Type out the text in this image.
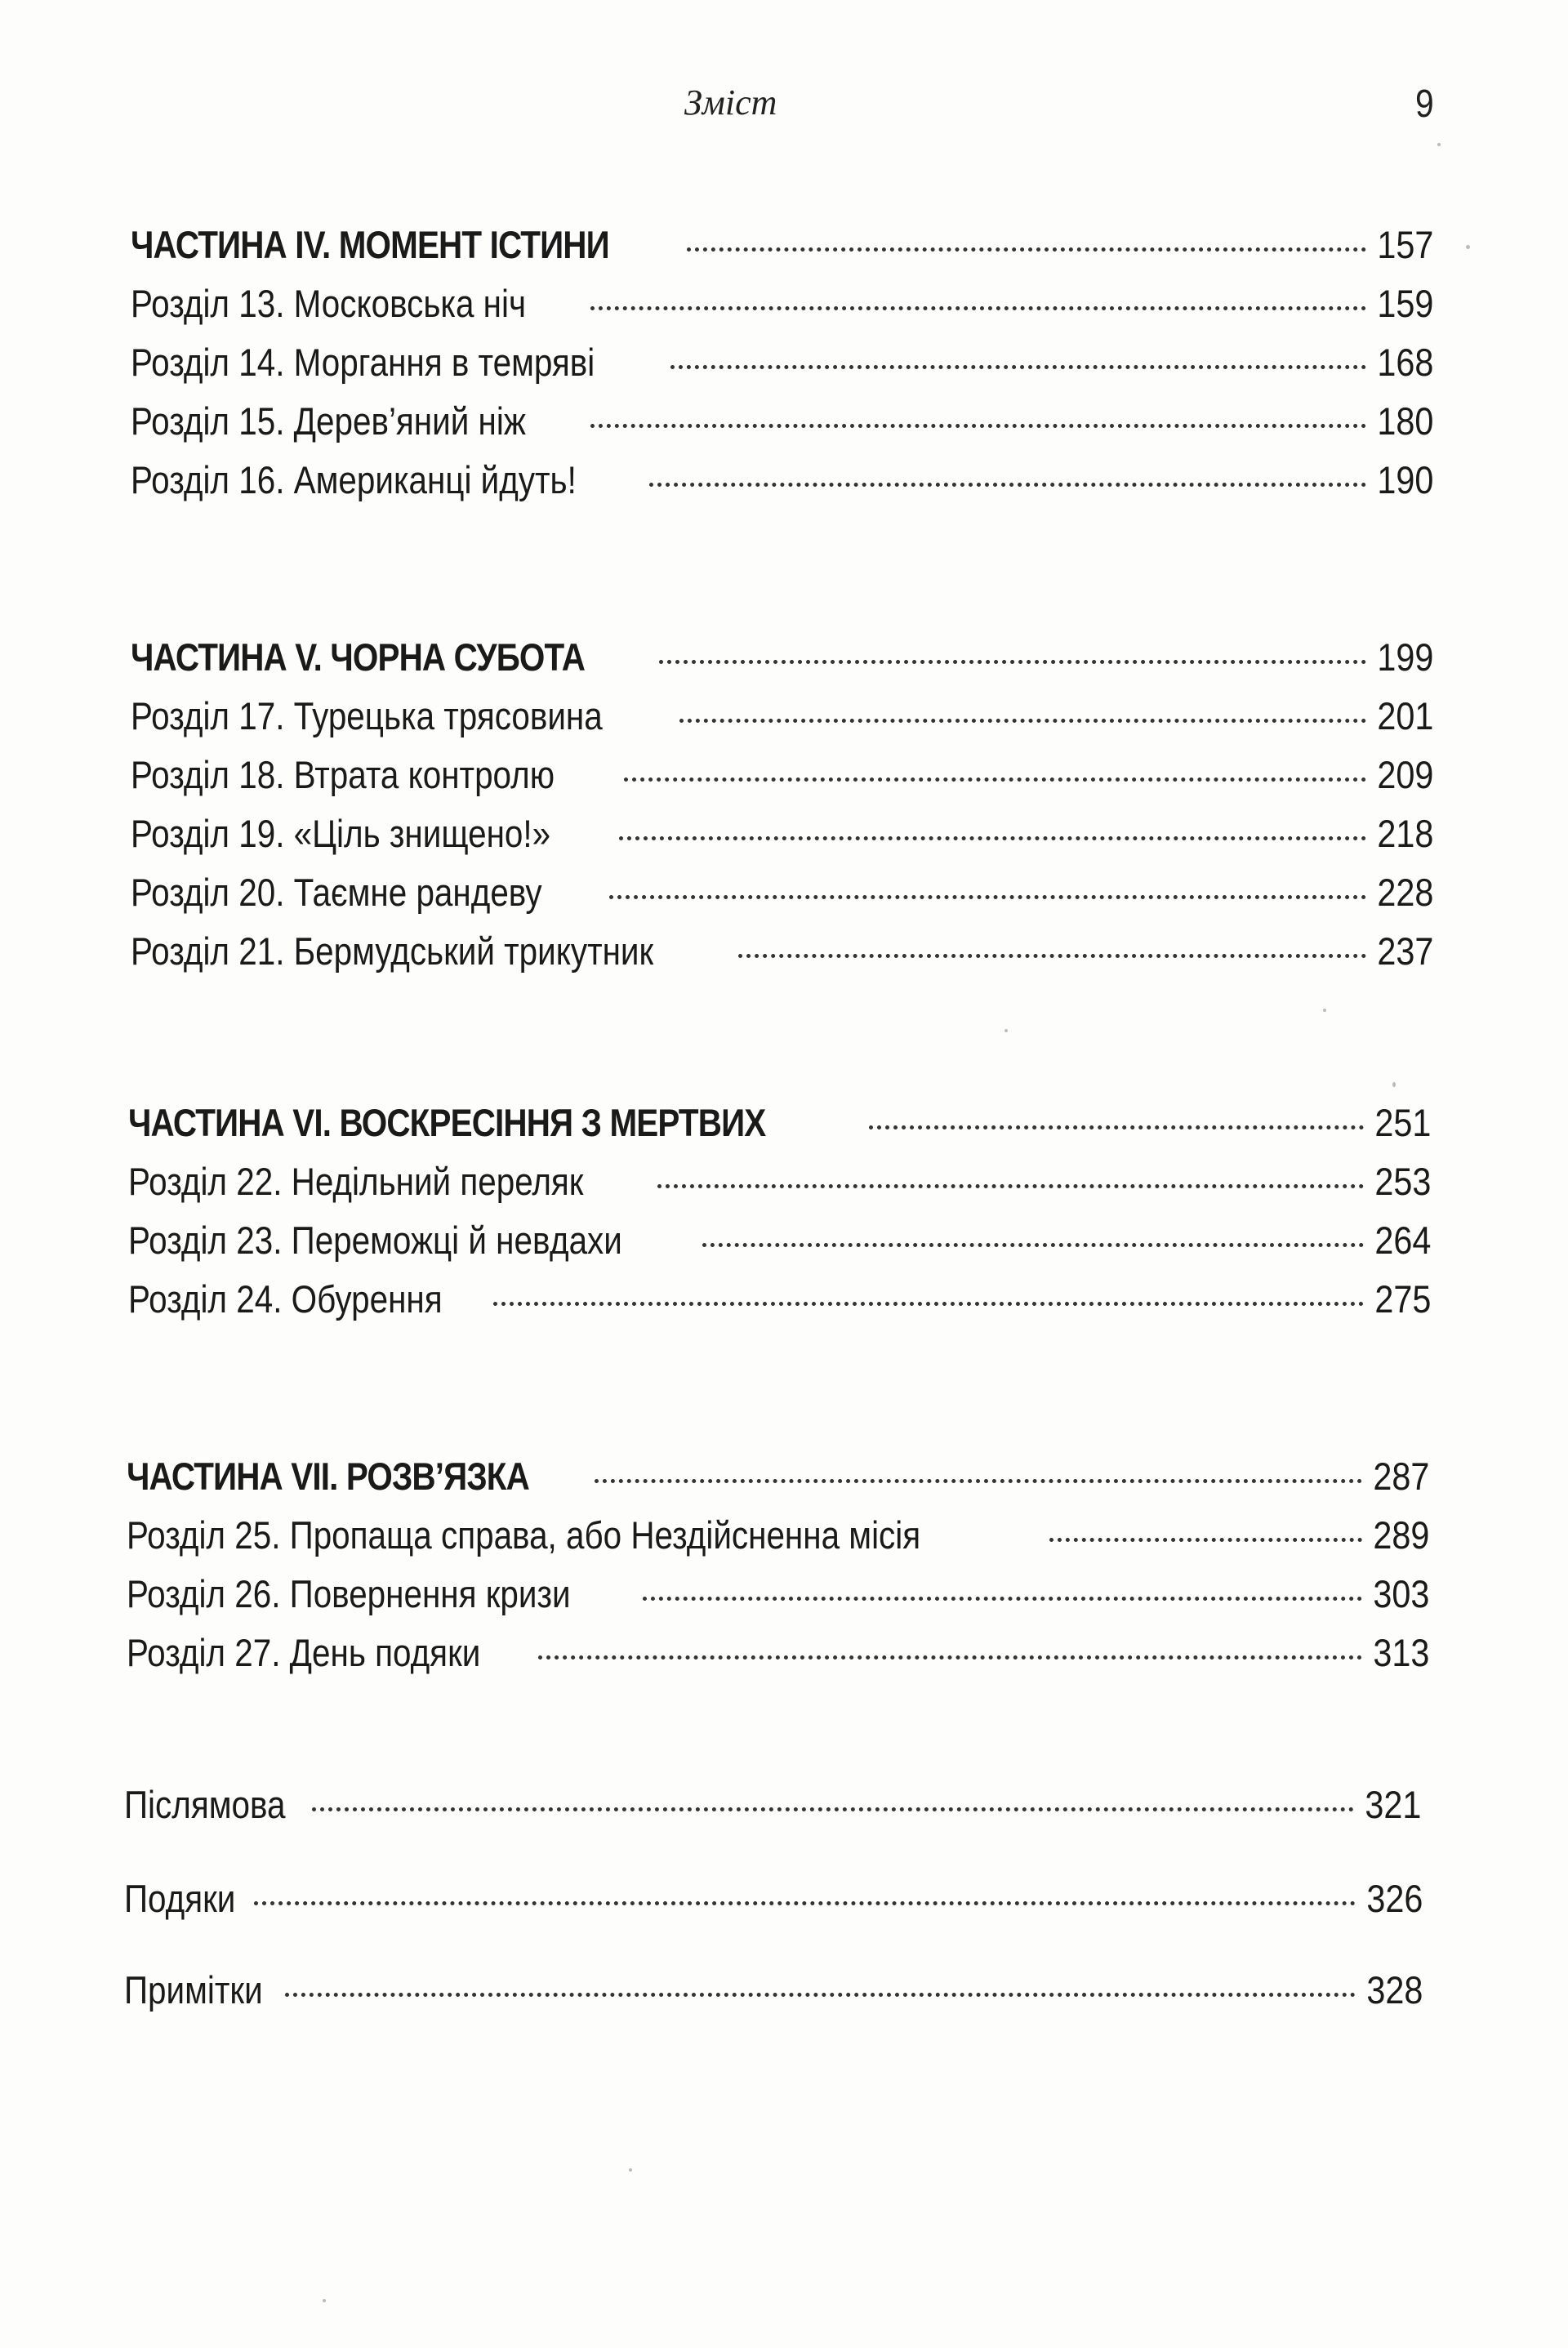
Зміст	9
ЧАСТИНА IV. МОМЕНТ ІСТИНИ	157
Розділ 13. Московська ніч	159
Розділ 14. Моргання в темряві	168
Розділ 15. Дерев’яний ніж	180
Розділ 16. Американці йдуть!	190
ЧАСТИНА V. ЧОРНА СУБОТА	199
Розділ 17. Турецька трясовина	201
Розділ 18. Втрата контролю	209
Розділ 19. «Ціль знищено!»	218
Розділ 20. Таємне рандеву	228
Розділ 21. Бермудський трикутник	237
ЧАСТИНА VI. ВОСКРЕСІННЯ З МЕРТВИХ	251
Розділ 22. Недільний переляк	253
Розділ 23. Переможці й невдахи	264
Розділ 24. Обурення	275
ЧАСТИНА VII. РОЗВ’ЯЗКА	287
Розділ 25. Пропаща справа, або Нездійсненна місія	289
Розділ 26. Повернення кризи	303
Розділ 27. День подяки	313
Післямова	321
Подяки	326
Примітки	328
